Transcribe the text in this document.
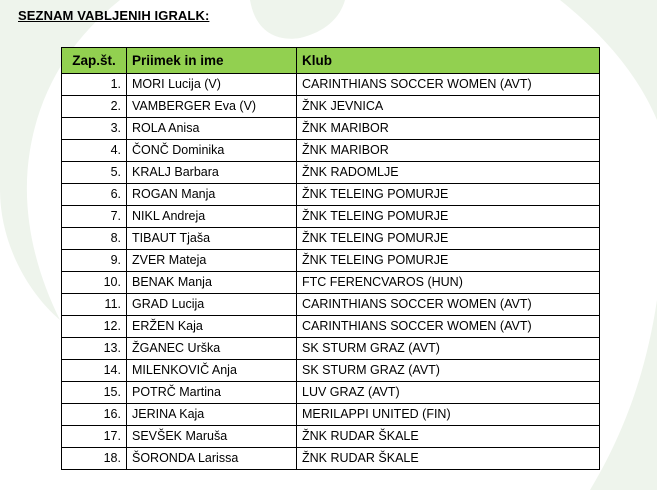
SEZNAM VABLJENIH IGRALK:
Zap.št.	Priimek in ime	Klub
1.	MORI Lucija (V)	CARINTHIANS SOCCER WOMEN (AVT)
2.	VAMBERGER Eva (V)	ŽNK JEVNICA
3.	ROLA Anisa	ŽNK MARIBOR
4.	ČONČ Dominika	ŽNK MARIBOR
5.	KRALJ Barbara	ŽNK RADOMLJE
6.	ROGAN Manja	ŽNK TELEING POMURJE
7.	NIKL Andreja	ŽNK TELEING POMURJE
8.	TIBAUT Tjaša	ŽNK TELEING POMURJE
9.	ZVER Mateja	ŽNK TELEING POMURJE
10.	BENAK Manja	FTC FERENCVAROS (HUN)
11.	GRAD Lucija	CARINTHIANS SOCCER WOMEN (AVT)
12.	ERŽEN Kaja	CARINTHIANS SOCCER WOMEN (AVT)
13.	ŽGANEC Urška	SK STURM GRAZ (AVT)
14.	MILENKOVIČ Anja	SK STURM GRAZ (AVT)
15.	POTRČ Martina	LUV GRAZ (AVT)
16.	JERINA Kaja	MERILAPPI UNITED (FIN)
17.	SEVŠEK Maruša	ŽNK RUDAR ŠKALE
18.	ŠORONDA Larissa	ŽNK RUDAR ŠKALE
